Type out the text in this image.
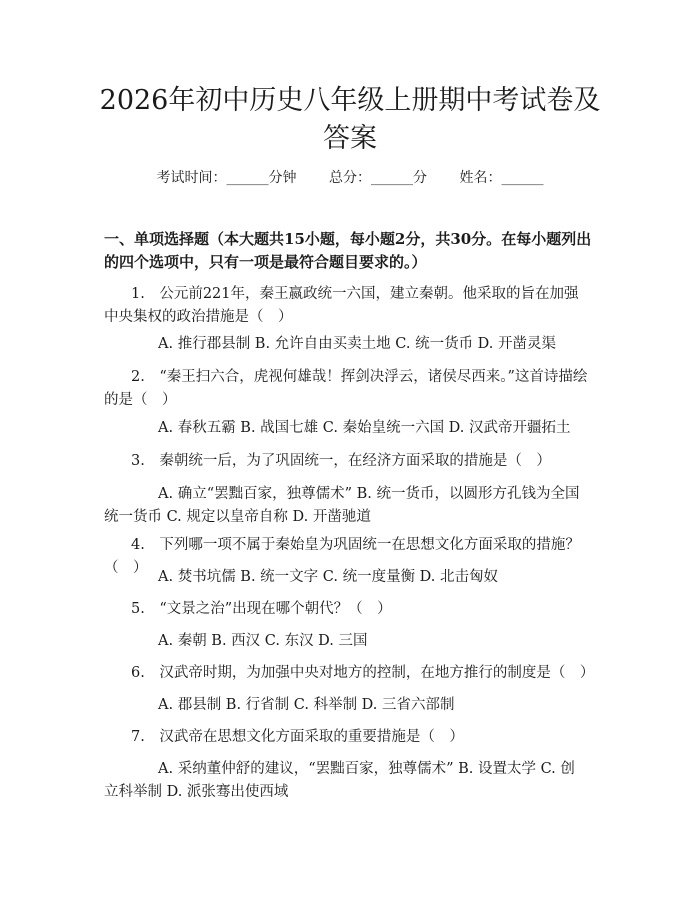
2026年初中历史八年级上册期中考试卷及答案
考试时间：______分钟 总分：______分 姓名：______
一、单项选择题（本大题共15小题，每小题2分，共30分。在每小题列出的四个选项中，只有一项是最符合题目要求的。）
1.　公元前221年，秦王嬴政统一六国，建立秦朝。他采取的旨在加强中央集权的政治措施是（　）
A. 推行郡县制 B. 允许自由买卖土地 C. 统一货币 D. 开凿灵渠
2.　“秦王扫六合，虎视何雄哉！挥剑决浮云，诸侯尽西来。”这首诗描绘的是（　）
A. 春秋五霸 B. 战国七雄 C. 秦始皇统一六国 D. 汉武帝开疆拓土
3.　秦朝统一后，为了巩固统一，在经济方面采取的措施是（　）
A. 确立“罢黜百家，独尊儒术” B. 统一货币，以圆形方孔钱为全国统一货币 C. 规定以皇帝自称 D. 开凿驰道
4.　下列哪一项不属于秦始皇为巩固统一在思想文化方面采取的措施？（　）
A. 焚书坑儒 B. 统一文字 C. 统一度量衡 D. 北击匈奴
5.　“文景之治”出现在哪个朝代？（　）
A. 秦朝 B. 西汉 C. 东汉 D. 三国
6.　汉武帝时期，为加强中央对地方的控制，在地方推行的制度是（　）
A. 郡县制 B. 行省制 C. 科举制 D. 三省六部制
7.　汉武帝在思想文化方面采取的重要措施是（　）
A. 采纳董仲舒的建议，“罢黜百家，独尊儒术” B. 设置太学 C. 创立科举制 D. 派张骞出使西域
